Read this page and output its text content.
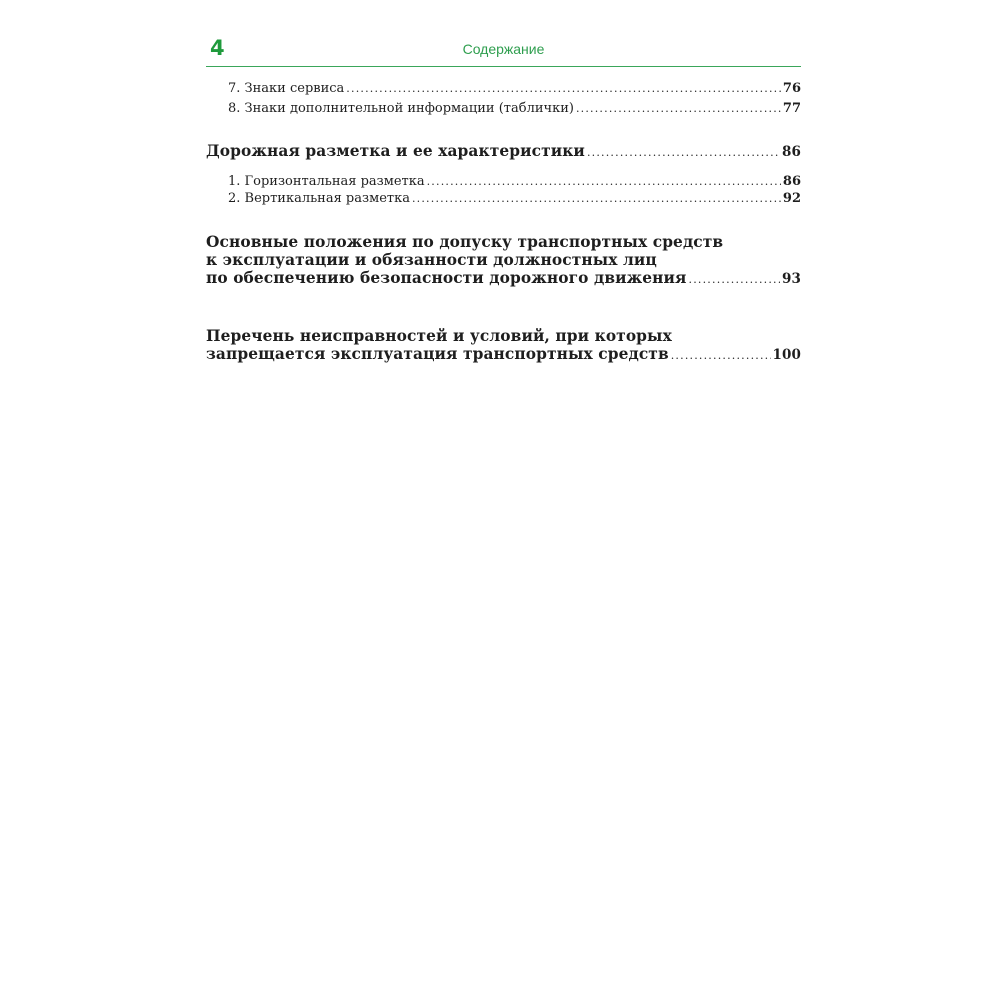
4	Содержание
7. Знаки сервиса .....	76
8. Знаки дополнительной информации (таблички) .....	77
Дорожная разметка и ее характеристики .....	86
1. Горизонтальная разметка .....	86
2. Вертикальная разметка .....	92
Основные положения по допуску транспортных средств
к эксплуатации и обязанности должностных лиц
по обеспечению безопасности дорожного движения .....	93
Перечень неисправностей и условий, при которых
запрещается эксплуатация транспортных средств .....	100
